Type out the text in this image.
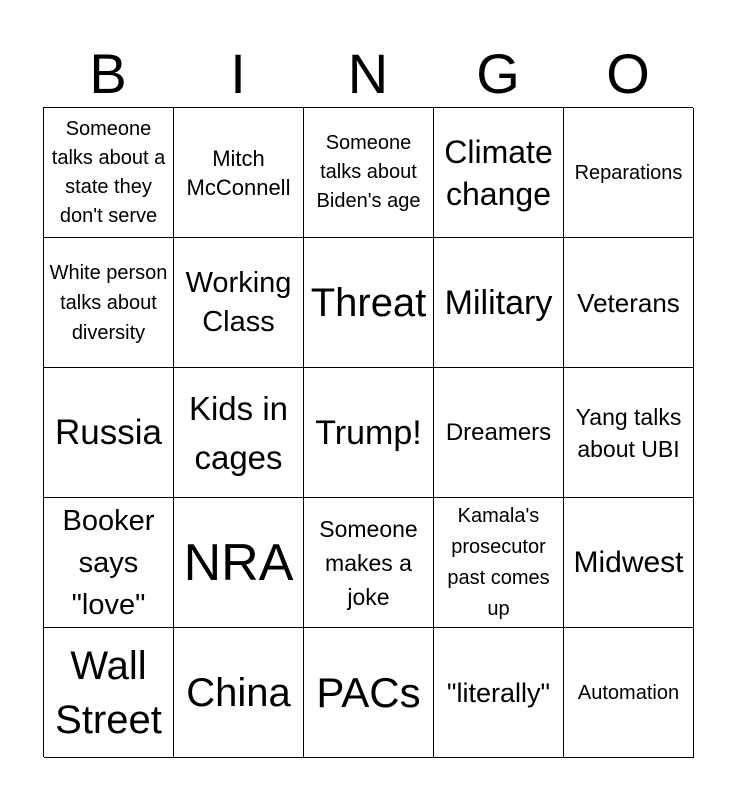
B	I	N	G	O
Someone talks about a state they don't serve
Mitch McConnell
Someone talks about Biden's age
Climate change
Reparations
White person talks about diversity
Working Class Threat Military Veterans
Russia
Kids in cages
Trump! Dreamers
Yang talks about UBI
Booker says "love"
NRA
Someone makes a joke
Kamala's prosecutor past comes up
Midwest
Wall Street
China PACs "literally" Automation
